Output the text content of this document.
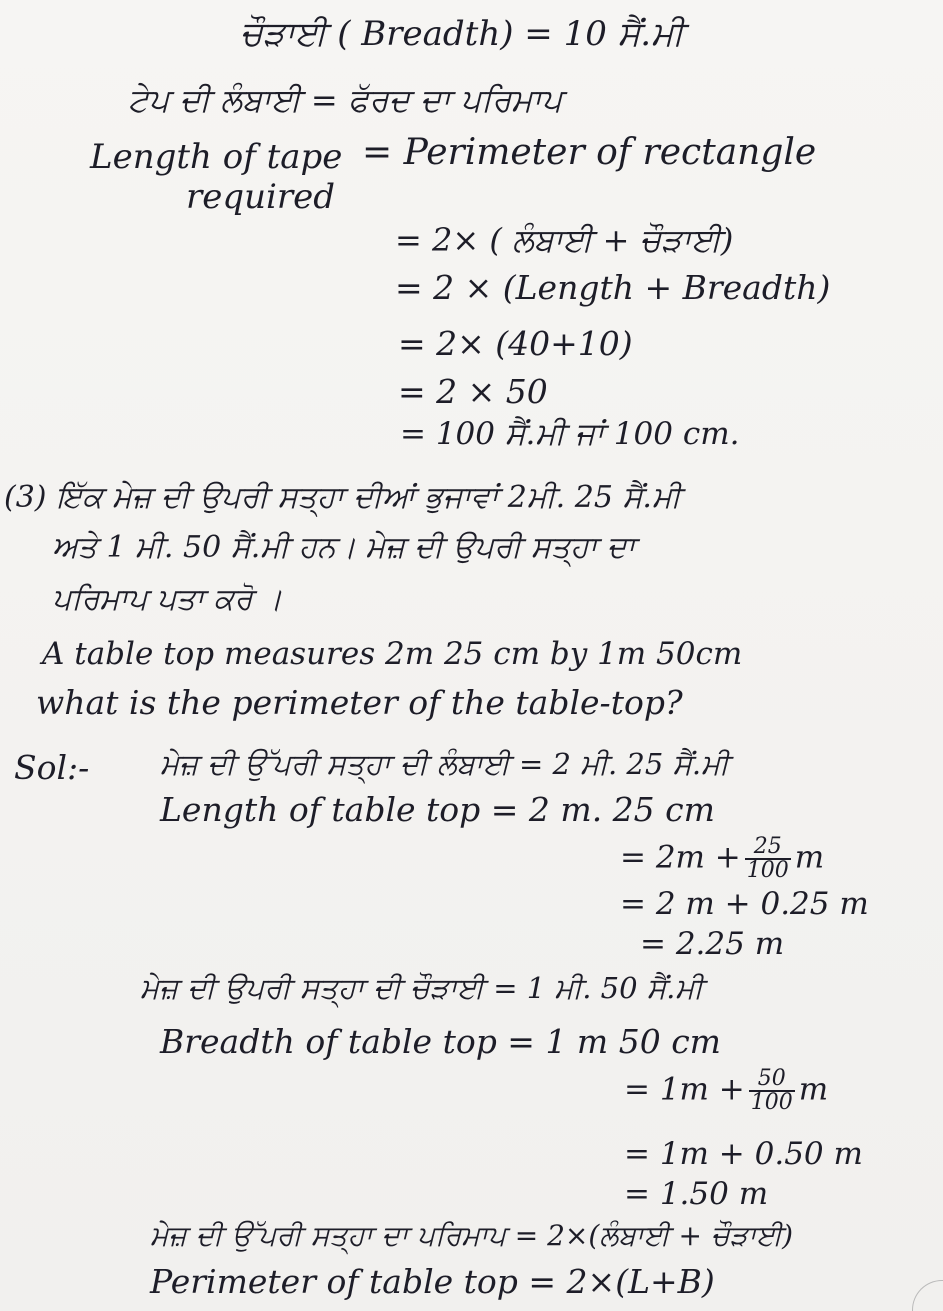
ਚੌੜਾਈ ( Breadth) = 10 ਸੈਂ.ਮੀ
ਟੇਪ ਦੀ ਲੰਬਾਈ = ਫੱਰਦ ਦਾ ਪਰਿਮਾਪ
Length of tape = Perimeter of rectangle
required
= 2× ( ਲੰਬਾਈ + ਚੌੜਾਈ)
= 2 × (Length + Breadth)
= 2× (40+10)
= 2 × 50
= 100 ਸੈਂ.ਮੀ ਜਾਂ 100 cm.
(3) ਇੱਕ ਮੇਜ਼ ਦੀ ਉਪਰੀ ਸਤ੍ਹਾ ਦੀਆਂ ਭੁਜਾਵਾਂ 2ਮੀ. 25 ਸੈਂ.ਮੀ
ਅਤੇ 1 ਮੀ. 50 ਸੈਂ.ਮੀ ਹਨ। ਮੇਜ਼ ਦੀ ਉਪਰੀ ਸਤ੍ਹਾ ਦਾ
ਪਰਿਮਾਪ ਪਤਾ ਕਰੋ ।
A table top measures 2m 25 cm by 1m 50cm
what is the perimeter of the table-top?
Sol:- ਮੇਜ਼ ਦੀ ਉੱਪਰੀ ਸਤ੍ਹਾ ਦੀ ਲੰਬਾਈ = 2 ਮੀ. 25 ਸੈਂ.ਮੀ
Length of table top = 2 m. 25 cm
= $2m + \frac{25}{100}$ m
= 2 m + 0.25 m
= 2.25 m
ਮੇਜ਼ ਦੀ ਉਪਰੀ ਸਤ੍ਹਾ ਦੀ ਚੌੜਾਈ = 1 ਮੀ. 50 ਸੈਂ.ਮੀ
Breadth of table top = 1 m 50 cm
= $1m + \frac{50}{100}$ m
= 1m + 0.50 m
= 1.50 m
ਮੇਜ਼ ਦੀ ਉੱਪਰੀ ਸਤ੍ਹਾ ਦਾ ਪਰਿਮਾਪ = 2×(ਲੰਬਾਈ + ਚੌੜਾਈ)
Perimeter of table top = 2×(L+B)
